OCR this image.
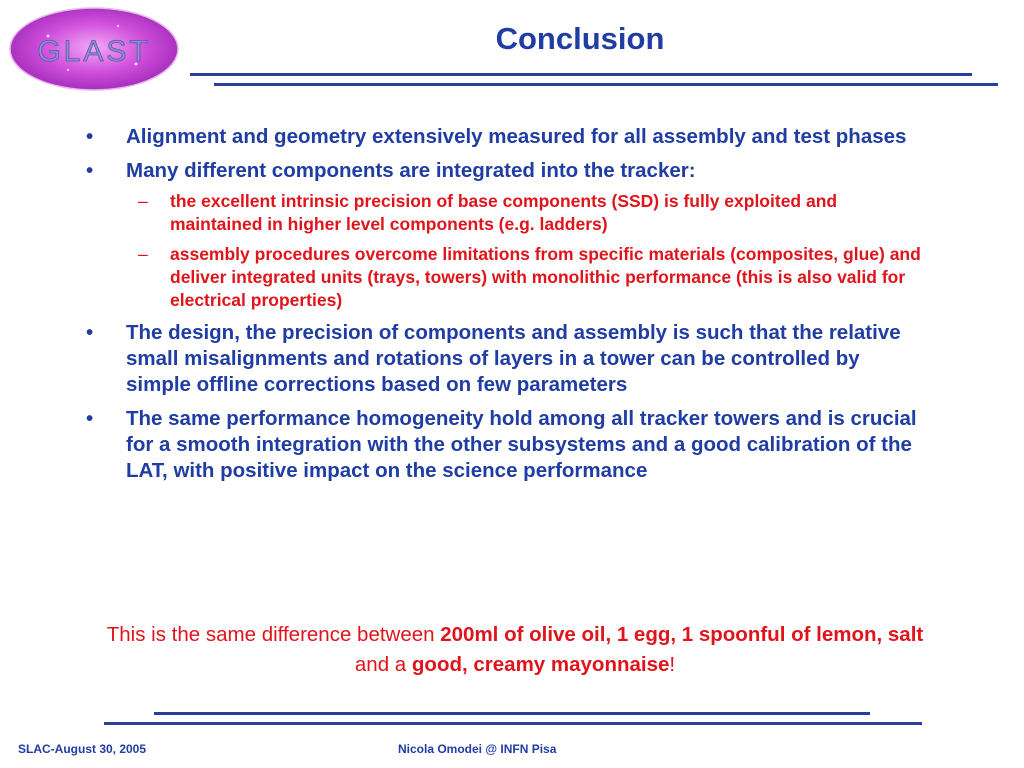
GLAST	Conclusion
• Alignment and geometry extensively measured for all assembly and test phases
• Many different components are integrated into the tracker:
– the excellent intrinsic precision of base components (SSD) is fully exploited and maintained in higher level components (e.g. ladders)
– assembly procedures overcome limitations from specific materials (composites, glue) and deliver integrated units (trays, towers) with monolithic performance (this is also valid for electrical properties)
• The design, the precision of components and assembly is such that the relative small misalignments and rotations of layers in a tower can be controlled by simple offline corrections based on few parameters
• The same performance homogeneity hold among all tracker towers and is crucial for a smooth integration with the other subsystems and a good calibration of the LAT, with positive impact on the science performance

This is the same difference between 200ml of olive oil, 1 egg, 1 spoonful of lemon, salt and a good, creamy mayonnaise!

SLAC-August 30, 2005	Nicola Omodei @ INFN Pisa
